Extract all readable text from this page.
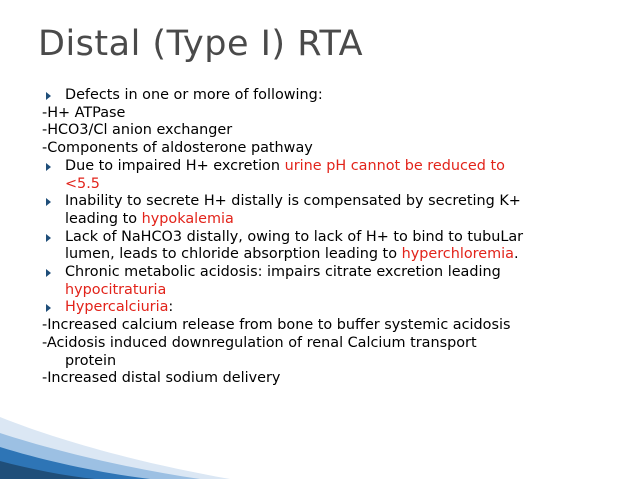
Distal (Type I) RTA
Defects in one or more of following:
-H+ ATPase
-HCO3/Cl anion exchanger
-Components of aldosterone pathway
Due to impaired H+ excretion urine pH cannot be reduced to
<5.5
Inability to secrete H+ distally is compensated by secreting K+
leading to hypokalemia
Lack of NaHCO3 distally, owing to lack of H+ to bind to tubuLar
lumen, leads to chloride absorption leading to hyperchloremia.
Chronic metabolic acidosis: impairs citrate excretion leading
hypocitraturia
Hypercalciuria:
-Increased calcium release from bone to buffer systemic acidosis
-Acidosis induced downregulation of renal Calcium transport
protein
-Increased distal sodium delivery
